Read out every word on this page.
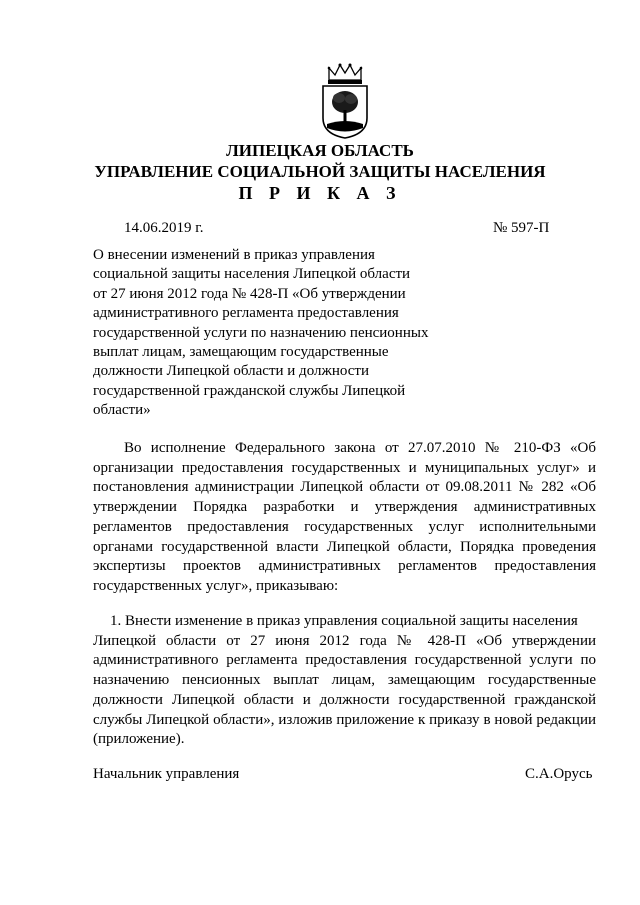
ЛИПЕЦКАЯ ОБЛАСТЬ
УПРАВЛЕНИЕ СОЦИАЛЬНОЙ ЗАЩИТЫ НАСЕЛЕНИЯ
П Р И К А З
14.06.2019 г.	№ 597-П
О внесении изменений в приказ управления
социальной защиты населения Липецкой области
от 27 июня 2012 года № 428-П «Об утверждении
административного регламента предоставления
государственной услуги по назначению пенсионных
выплат лицам, замещающим государственные
должности Липецкой области и должности
государственной гражданской службы Липецкой
области»
Во исполнение Федерального закона от 27.07.2010 № 210-ФЗ «Об организации предоставления государственных и муниципальных услуг» и постановления администрации Липецкой области от 09.08.2011 № 282 «Об утверждении Порядка разработки и утверждения административных регламентов предоставления государственных услуг исполнительными органами государственной власти Липецкой области, Порядка проведения экспертизы проектов административных регламентов предоставления государственных услуг», приказываю:
1. Внести изменение в приказ управления социальной защиты населения
Липецкой области от 27 июня 2012 года № 428-П «Об утверждении административного регламента предоставления государственной услуги по назначению пенсионных выплат лицам, замещающим государственные должности Липецкой области и должности государственной гражданской службы Липецкой области», изложив приложение к приказу в новой редакции (приложение).
Начальник управления	С.А.Орусь
